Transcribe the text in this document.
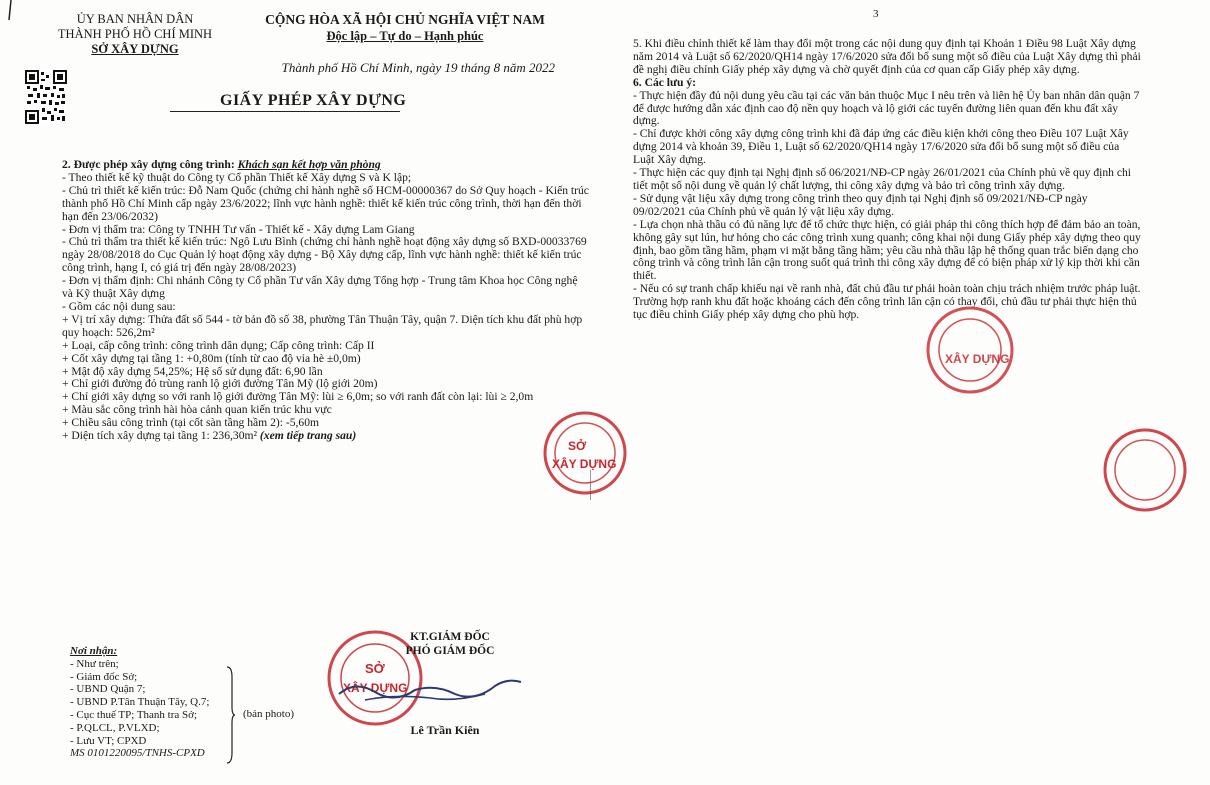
ỦY BAN NHÂN DÂN
THÀNH PHỐ HỒ CHÍ MINH
SỞ XÂY DỰNG
CỘNG HÒA XÃ HỘI CHỦ NGHĨA VIỆT NAM
Độc lập – Tự do – Hạnh phúc
Thành phố Hồ Chí Minh, ngày 19 tháng 8 năm 2022
GIẤY PHÉP XÂY DỰNG

2. Được phép xây dựng công trình: Khách sạn kết hợp văn phòng

- Theo thiết kế kỹ thuật do Công ty Cổ phần Thiết kế Xây dựng S và K lập;

- Chủ trì thiết kế kiến trúc: Đỗ Nam Quốc (chứng chỉ hành nghề số HCM-00000367 do Sở Quy hoạch - Kiến trúc thành phố Hồ Chí Minh cấp ngày 23/6/2022; lĩnh vực hành nghề: thiết kế kiến trúc công trình, thời hạn đến thời hạn đến 23/06/2032)

- Đơn vị thẩm tra: Công ty TNHH Tư vấn - Thiết kế - Xây dựng Lam Giang

- Chủ trì thẩm tra thiết kế kiến trúc: Ngô Lưu Bình (chứng chỉ hành nghề hoạt động xây dựng số BXD-00033769 ngày 28/08/2018 do Cục Quản lý hoạt động xây dựng - Bộ Xây dựng cấp, lĩnh vực hành nghề: thiết kế kiến trúc công trình, hạng I, có giá trị đến ngày 28/08/2023)

- Đơn vị thẩm định: Chi nhánh Công ty Cổ phần Tư vấn Xây dựng Tổng hợp - Trung tâm Khoa học Công nghệ và Kỹ thuật Xây dựng

- Gồm các nội dung sau:

+ Vị trí xây dựng: Thửa đất số 544 - tờ bản đồ số 38, phường Tân Thuận Tây, quận 7. Diện tích khu đất phù hợp quy hoạch: 526,2m²

+ Loại, cấp công trình: công trình dân dụng; Cấp công trình: Cấp II

+ Cốt xây dựng tại tầng 1: +0,80m (tính từ cao độ vỉa hè ±0,0m)

+ Mật độ xây dựng 54,25%; Hệ số sử dụng đất: 6,90 lần

+ Chỉ giới đường đỏ trùng ranh lộ giới đường Tân Mỹ (lộ giới 20m)

+ Chỉ giới xây dựng so với ranh lộ giới đường Tân Mỹ: lùi ≥ 6,0m; so với ranh đất còn lại: lùi ≥ 2,0m

+ Màu sắc công trình hài hòa cảnh quan kiến trúc khu vực

+ Chiều sâu công trình (tại cốt sàn tầng hầm 2): -5,60m

+ Diện tích xây dựng tại tầng 1: 236,30m² (xem tiếp trang sau)

SỞ
XÂY DỰNG
3

5. Khi điều chỉnh thiết kế làm thay đổi một trong các nội dung quy định tại Khoản 1 Điều 98 Luật Xây dựng năm 2014 và Luật số 62/2020/QH14 ngày 17/6/2020 sửa đổi bổ sung một số điều của Luật Xây dựng thì phải đề nghị điều chỉnh Giấy phép xây dựng và chờ quyết định của cơ quan cấp Giấy phép xây dựng.

6. Các lưu ý:

- Thực hiện đầy đủ nội dung yêu cầu tại các văn bản thuộc Mục I nêu trên và liên hệ Ủy ban nhân dân quận 7 để được hướng dẫn xác định cao độ nền quy hoạch và lộ giới các tuyến đường liên quan đến khu đất xây dựng.

- Chỉ được khởi công xây dựng công trình khi đã đáp ứng các điều kiện khởi công theo Điều 107 Luật Xây dựng 2014 và khoản 39, Điều 1, Luật số 62/2020/QH14 ngày 17/6/2020 sửa đổi bổ sung một số điều của Luật Xây dựng.

- Thực hiện các quy định tại Nghị định số 06/2021/NĐ-CP ngày 26/01/2021 của Chính phủ về quy định chi tiết một số nội dung về quản lý chất lượng, thi công xây dựng và bảo trì công trình xây dựng.

- Sử dụng vật liệu xây dựng trong công trình theo quy định tại Nghị định số 09/2021/NĐ-CP ngày 09/02/2021 của Chính phủ về quản lý vật liệu xây dựng.

- Lựa chọn nhà thầu có đủ năng lực để tổ chức thực hiện, có giải pháp thi công thích hợp để đảm bảo an toàn, không gây sụt lún, hư hỏng cho các công trình xung quanh; công khai nội dung Giấy phép xây dựng theo quy định, bao gồm tầng hầm, phạm vi mặt bằng tầng hầm; yêu cầu nhà thầu lập hệ thống quan trắc biến dạng cho công trình và công trình lân cận trong suốt quá trình thi công xây dựng để có biện pháp xử lý kịp thời khi cần thiết.

- Nếu có sự tranh chấp khiếu nại về ranh nhà, đất chủ đầu tư phải hoàn toàn chịu trách nhiệm trước pháp luật. Trường hợp ranh khu đất hoặc khoảng cách đến công trình lân cận có thay đổi, chủ đầu tư phải thực hiện thủ tục điều chỉnh Giấy phép xây dựng cho phù hợp.

XÂY DỰNG
Nơi nhận:

- Như trên;

- Giám đốc Sở;

- UBND Quận 7;

- UBND P.Tân Thuận Tây, Q.7;

- Cục thuế TP; Thanh tra Sở;

- P.QLCL, P.VLXD;

- Lưu VT; CPXD

MS 0101220095/TNHS-CPXD
(bản photo)
SỞ
XÂY DỰNG
KT.GIÁM ĐỐC
PHÓ GIÁM ĐỐC
Lê Trần Kiên
